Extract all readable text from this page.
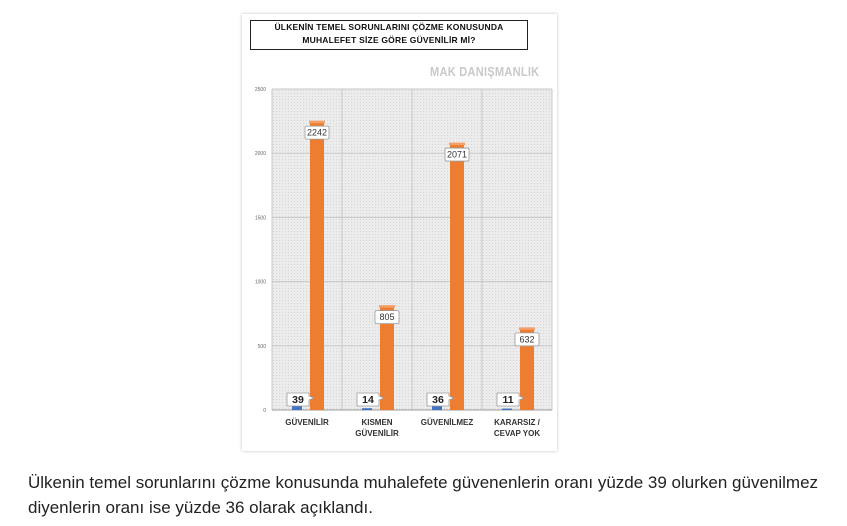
ÜLKENİN TEMEL SORUNLARINI ÇÖZME KONUSUNDA
MUHALEFET SİZE GÖRE GÜVENİLİR Mİ?
0
500
1000
1500
2000
2500
2242
39
805
14
2071
36
632
11
GÜVENİLİR	KISMEN
GÜVENİLİR
GÜVENİLMEZ	KARARSIZ /
CEVAP YOK
MAK DANIŞMANLIK
Ülkenin temel sorunlarını çözme konusunda muhalefete güvenenlerin oranı yüzde 39 olurken güvenilmez diyenlerin oranı ise yüzde 36 olarak açıklandı.
